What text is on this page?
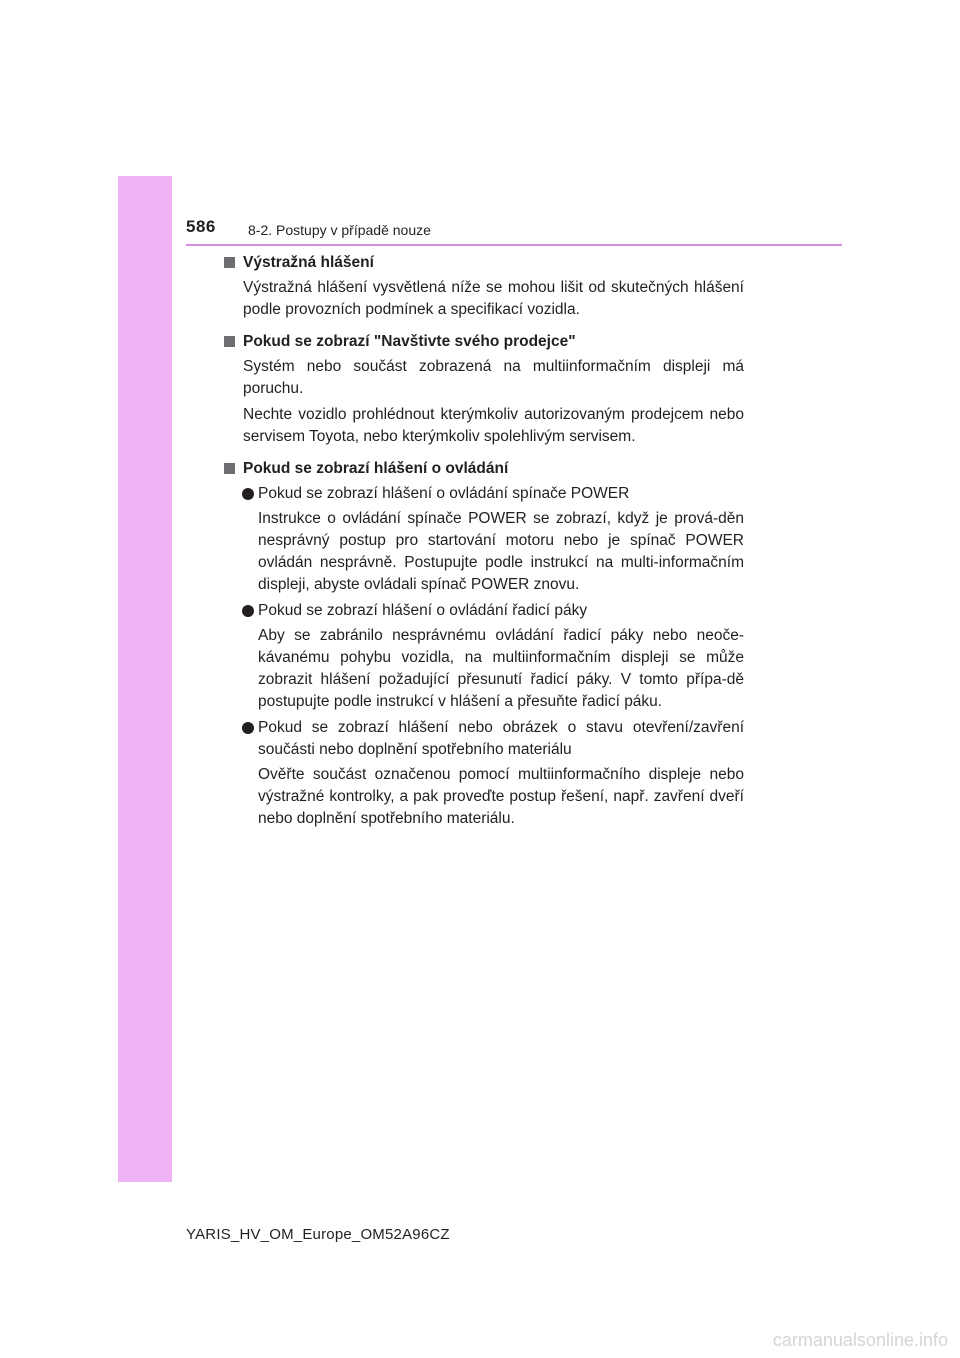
586 8-2. Postupy v případě nouze
Výstražná hlášení

Výstražná hlášení vysvětlená níže se mohou lišit od skutečných hlášení podle provozních podmínek a specifikací vozidla.

Pokud se zobrazí "Navštivte svého prodejce"

Systém nebo součást zobrazená na multiinformačním displeji má poruchu.

Nechte vozidlo prohlédnout kterýmkoliv autorizovaným prodejcem nebo servisem Toyota, nebo kterýmkoliv spolehlivým servisem.

Pokud se zobrazí hlášení o ovládání
Pokud se zobrazí hlášení o ovládání spínače POWER

Instrukce o ovládání spínače POWER se zobrazí, když je prová-děn nesprávný postup pro startování motoru nebo je spínač POWER ovládán nesprávně. Postupujte podle instrukcí na multi-informačním displeji, abyste ovládali spínač POWER znovu.

Pokud se zobrazí hlášení o ovládání řadicí páky

Aby se zabránilo nesprávnému ovládání řadicí páky nebo neoče-kávanému pohybu vozidla, na multiinformačním displeji se může zobrazit hlášení požadující přesunutí řadicí páky. V tomto přípa-dě postupujte podle instrukcí v hlášení a přesuňte řadicí páku.

Pokud se zobrazí hlášení nebo obrázek o stavu otevření/zavření součásti nebo doplnění spotřebního materiálu

Ověřte součást označenou pomocí multiinformačního displeje nebo výstražné kontrolky, a pak proveďte postup řešení, např. zavření dveří nebo doplnění spotřebního materiálu.

YARIS_HV_OM_Europe_OM52A96CZ
carmanualsonline.info
